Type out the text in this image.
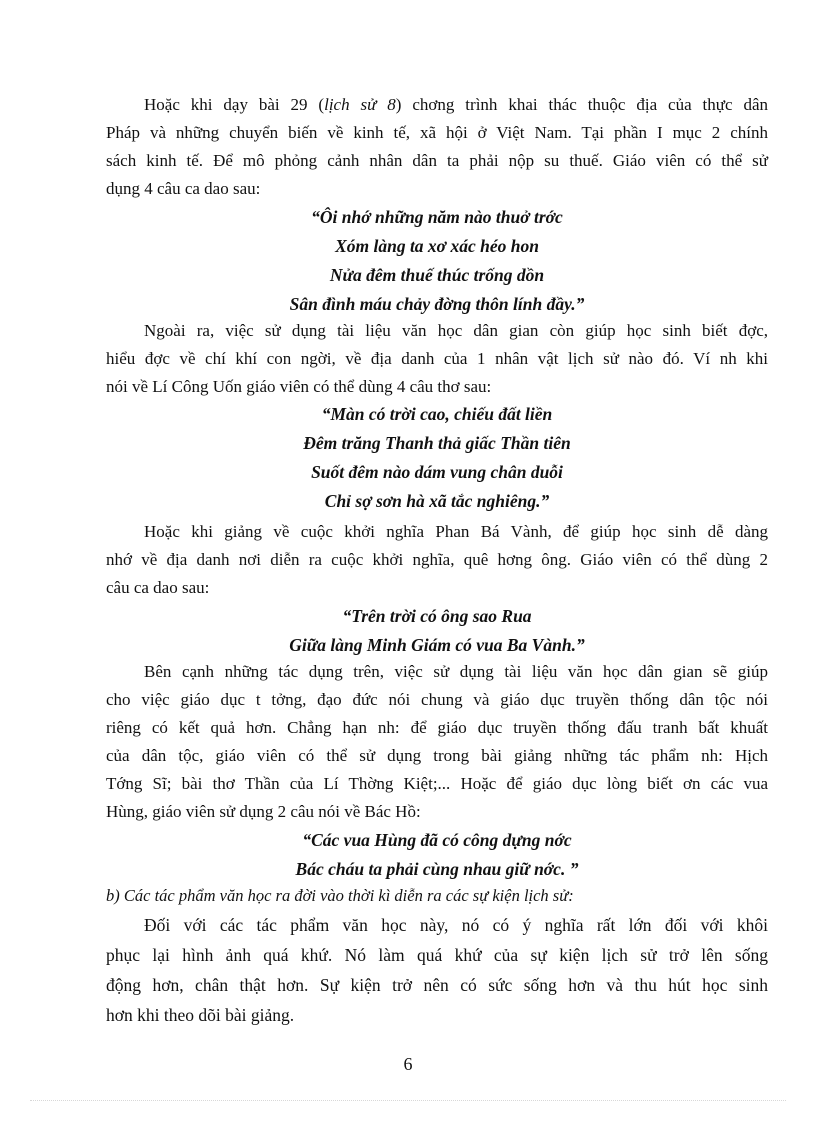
Hoặc khi dạy bài 29 (lịch sử 8) chơng trình khai thác thuộc địa của thực dân
Pháp và những chuyển biến về kinh tế, xã hội ở Việt Nam. Tại phần I mục 2 chính
sách kinh tế. Để mô phỏng cảnh nhân dân ta phải nộp su thuế. Giáo viên có thể sử
dụng 4 câu ca dao sau:

“Ôi nhớ những năm nào thuở trớc
Xóm làng ta xơ xác héo hon
Nửa đêm thuế thúc trống dồn
Sân đình máu chảy đờng thôn lính đầy.”

Ngoài ra, việc sử dụng tài liệu văn học dân gian còn giúp học sinh biết đợc,
hiểu đợc về chí khí con ngời, về địa danh của 1 nhân vật lịch sử nào đó. Ví nh khi
nói về Lí Công Uốn giáo viên có thể dùng 4 câu thơ sau:

“Màn có trời cao, chiếu đất liền
Đêm trăng Thanh thả giấc Thần tiên
Suốt đêm nào dám vung chân duỗi
Chỉ sợ sơn hà xã tắc nghiêng.”

Hoặc khi giảng về cuộc khởi nghĩa Phan Bá Vành, để giúp học sinh dễ dàng
nhớ về địa danh nơi diễn ra cuộc khởi nghĩa, quê hơng ông. Giáo viên có thể dùng 2
câu ca dao sau:

“Trên trời có ông sao Rua
Giữa làng Minh Giám có vua Ba Vành.”

Bên cạnh những tác dụng trên, việc sử dụng tài liệu văn học dân gian sẽ giúp
cho việc giáo dục t tởng, đạo đức nói chung và giáo dục truyền thống dân tộc nói
riêng có kết quả hơn. Chẳng hạn nh: để giáo dục truyền thống đấu tranh bất khuất
của dân tộc, giáo viên có thể sử dụng trong bài giảng những tác phẩm nh: Hịch
Tớng Sĩ; bài thơ Thần của Lí Thờng Kiệt;... Hoặc để giáo dục lòng biết ơn các vua
Hùng, giáo viên sử dụng 2 câu nói về Bác Hồ:

“Các vua Hùng đã có công dựng nớc
Bác cháu ta phải cùng nhau giữ nớc. ”

b) Các tác phẩm văn học ra đời vào thời kì diễn ra các sự kiện lịch sử:

Đối với các tác phẩm văn học này, nó có ý nghĩa rất lớn đối với khôi
phục lại hình ảnh quá khứ. Nó làm quá khứ của sự kiện lịch sử trở lên sống
động hơn, chân thật hơn. Sự kiện trở nên có sức sống hơn và thu hút học sinh
hơn khi theo dõi bài giảng.

6
